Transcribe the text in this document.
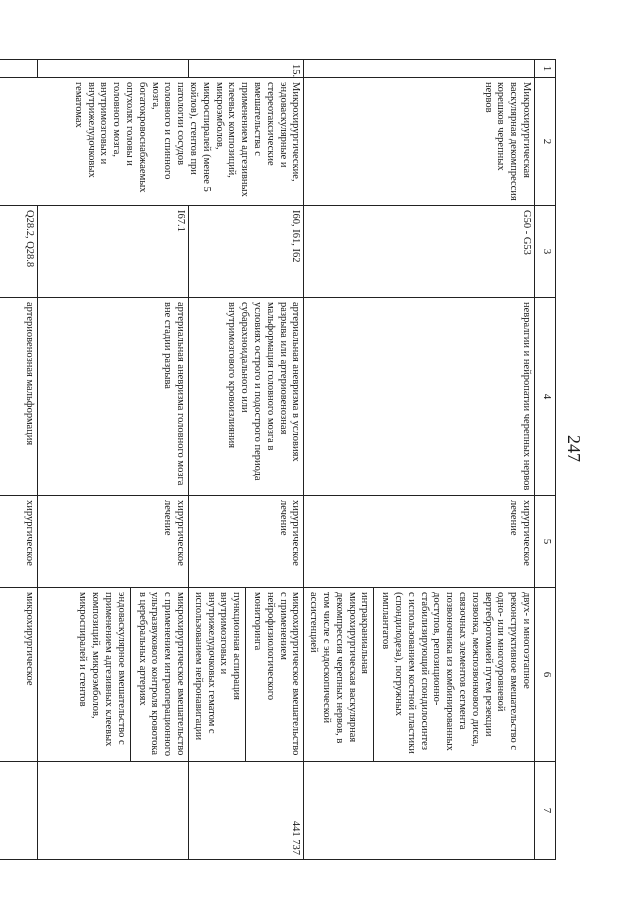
247
1	2	3	4	5	6	7
	Микрохирургическая васкулярная декомпрессия корешков черепных нервов	G50 - G53	невралгии и нейропатии черепных нервов	хирургическое лечение	двух- и многоэтапное реконструктивное вмешательство с одно- или многоуровневой вертебротомией путем резекции позвонка, межпозвонкового диска, связочных элементов сегмента позвоночника из комбинированных доступов, репозиционно-стабилизирующий спондилосинтез с использованием костной пластики (спондилодеза), погружных имплантатов
интракраниальная микрохирургическая васкулярная декомпрессия черепных нервов, в том числе с эндоскопической ассистенцией	

15.	Микрохирургические, эндоваскулярные и стереотаксические вмешательства с применением адгезивных клеевых композиций, микроэмболов, микроспиралей (менее 5 койлов), стентов при патологии сосудов головного и спинного мозга, богатокровоснабжаемых опухолях головы и головного мозга, внутримозговых и внутрижелудочковых гематомах	I60, I61, I62	артериальная аневризма в условиях разрыва или артериовенозная мальформация головного мозга в условиях острого и подострого периода субарахноидального или внутримозгового кровоизлияния	хирургическое лечение	микрохирургическое вмешательство с применением нейрофизиологического мониторинга
пункционная аспирация внутримозговых и внутрижелудочковых гематом с использованием нейронавигации	441 737
		I67.1	артериальная аневризма головного мозга вне стадии разрыва	хирургическое лечение	микрохирургическое вмешательство с применением интраоперационного ультразвукового контроля кровотока в церебральных артериях
эндоваскулярное вмешательство с применением адгезивных клеевых композиций, микроэмболов, микроспиралей и стентов	

		Q28.2, Q28.8	артериовенозная мальформация	хирургическое	микрохирургическое	
